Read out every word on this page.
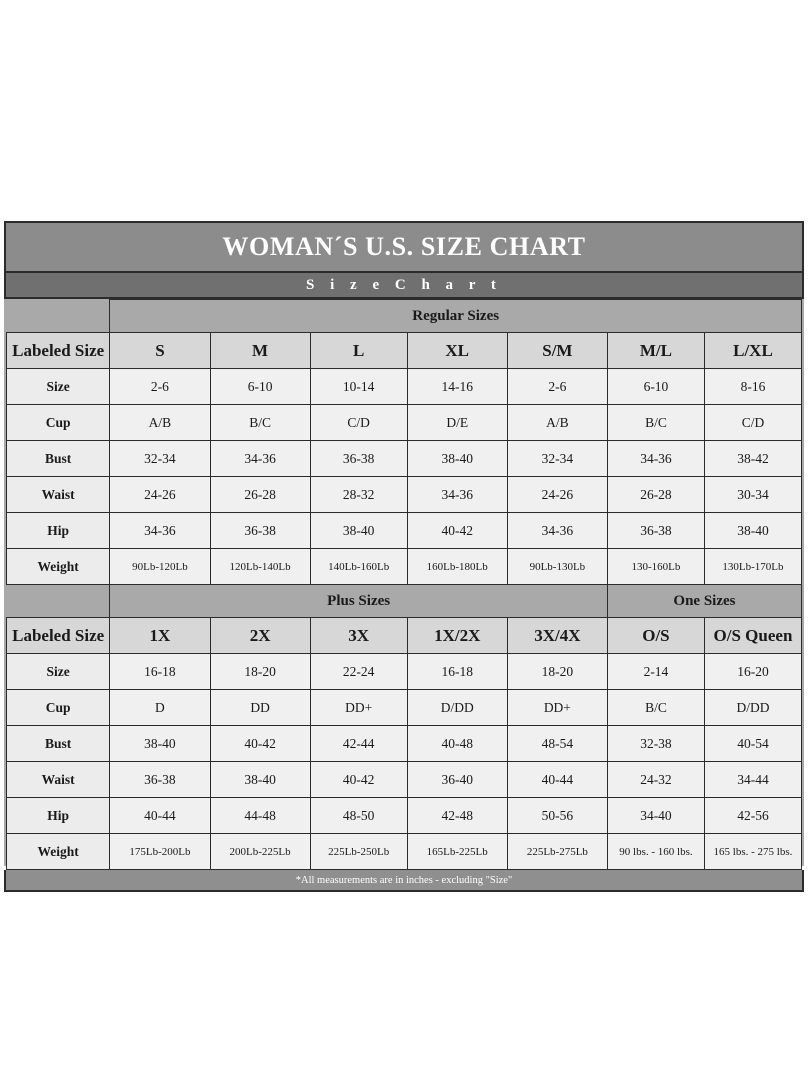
WOMAN´S U.S. SIZE CHART
S i z e C h a r t
	Regular Sizes						
Labeled Size	S	M	L	XL	S/M	M/L	L/XL
Size	2-6	6-10	10-14	14-16	2-6	6-10	8-16
Cup	A/B	B/C	C/D	D/E	A/B	B/C	C/D
Bust	32-34	34-36	36-38	38-40	32-34	34-36	38-42
Waist	24-26	26-28	28-32	34-36	24-26	26-28	30-34
Hip	34-36	36-38	38-40	40-42	34-36	36-38	38-40
Weight	90Lb-120Lb	120Lb-140Lb	140Lb-160Lb	160Lb-180Lb	90Lb-130Lb	130-160Lb	130Lb-170Lb
	Plus Sizes					One Sizes	
Labeled Size	1X	2X	3X	1X/2X	3X/4X	O/S	O/S Queen
Size	16-18	18-20	22-24	16-18	18-20	2-14	16-20
Cup	D	DD	DD+	D/DD	DD+	B/C	D/DD
Bust	38-40	40-42	42-44	40-48	48-54	32-38	40-54
Waist	36-38	38-40	40-42	36-40	40-44	24-32	34-44
Hip	40-44	44-48	48-50	42-48	50-56	34-40	42-56
Weight	175Lb-200Lb	200Lb-225Lb	225Lb-250Lb	165Lb-225Lb	225Lb-275Lb	90 lbs. - 160 lbs.	165 lbs. - 275 lbs.
*All measurements are in inches - excluding "Size"
